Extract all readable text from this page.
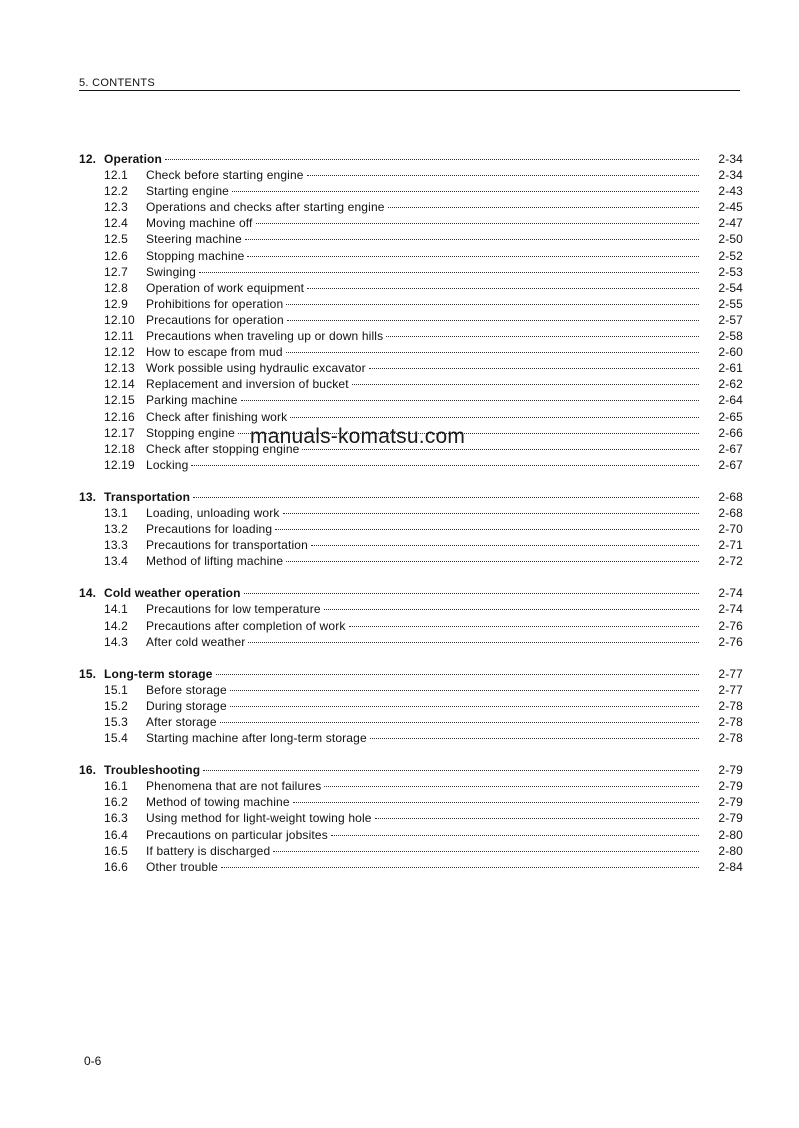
5. CONTENTS
12. Operation	2-34
12.1	Check before starting engine	2-34
12.2	Starting engine	2-43
12.3	Operations and checks after starting engine	2-45
12.4	Moving machine off	2-47
12.5	Steering machine	2-50
12.6	Stopping machine	2-52
12.7	Swinging	2-53
12.8	Operation of work equipment	2-54
12.9	Prohibitions for operation	2-55
12.10 Precautions for operation	2-57
12.11	Precautions when traveling up or down hills	2-58
12.12 How to escape from mud	2-60
12.13 Work possible using hydraulic excavator	2-61
12.14 Replacement and inversion of bucket	2-62
12.15 Parking machine	2-64
12.16 Check after finishing work	2-65
12.17 Stopping engine	2-66
12.18 Check after stopping engine	2-67
12.19 Locking	2-67
13. Transportation	2-68
13.1	Loading, unloading work	2-68
13.2	Precautions for loading	2-70
13.3	Precautions for transportation	2-71
13.4	Method of lifting machine	2-72
14. Cold weather operation	2-74
14.1	Precautions for low temperature	2-74
14.2	Precautions after completion of work	2-76
14.3	After cold weather	2-76
15. Long-term storage	2-77
15.1	Before storage	2-77
15.2	During storage	2-78
15.3	After storage	2-78
15.4	Starting machine after long-term storage	2-78
16. Troubleshooting	2-79
16.1	Phenomena that are not failures	2-79
16.2	Method of towing machine	2-79
16.3	Using method for light-weight towing hole	2-79
16.4	Precautions on particular jobsites	2-80
16.5	If battery is discharged	2-80
16.6	Other trouble	2-84
manuals-komatsu.com
0-6
